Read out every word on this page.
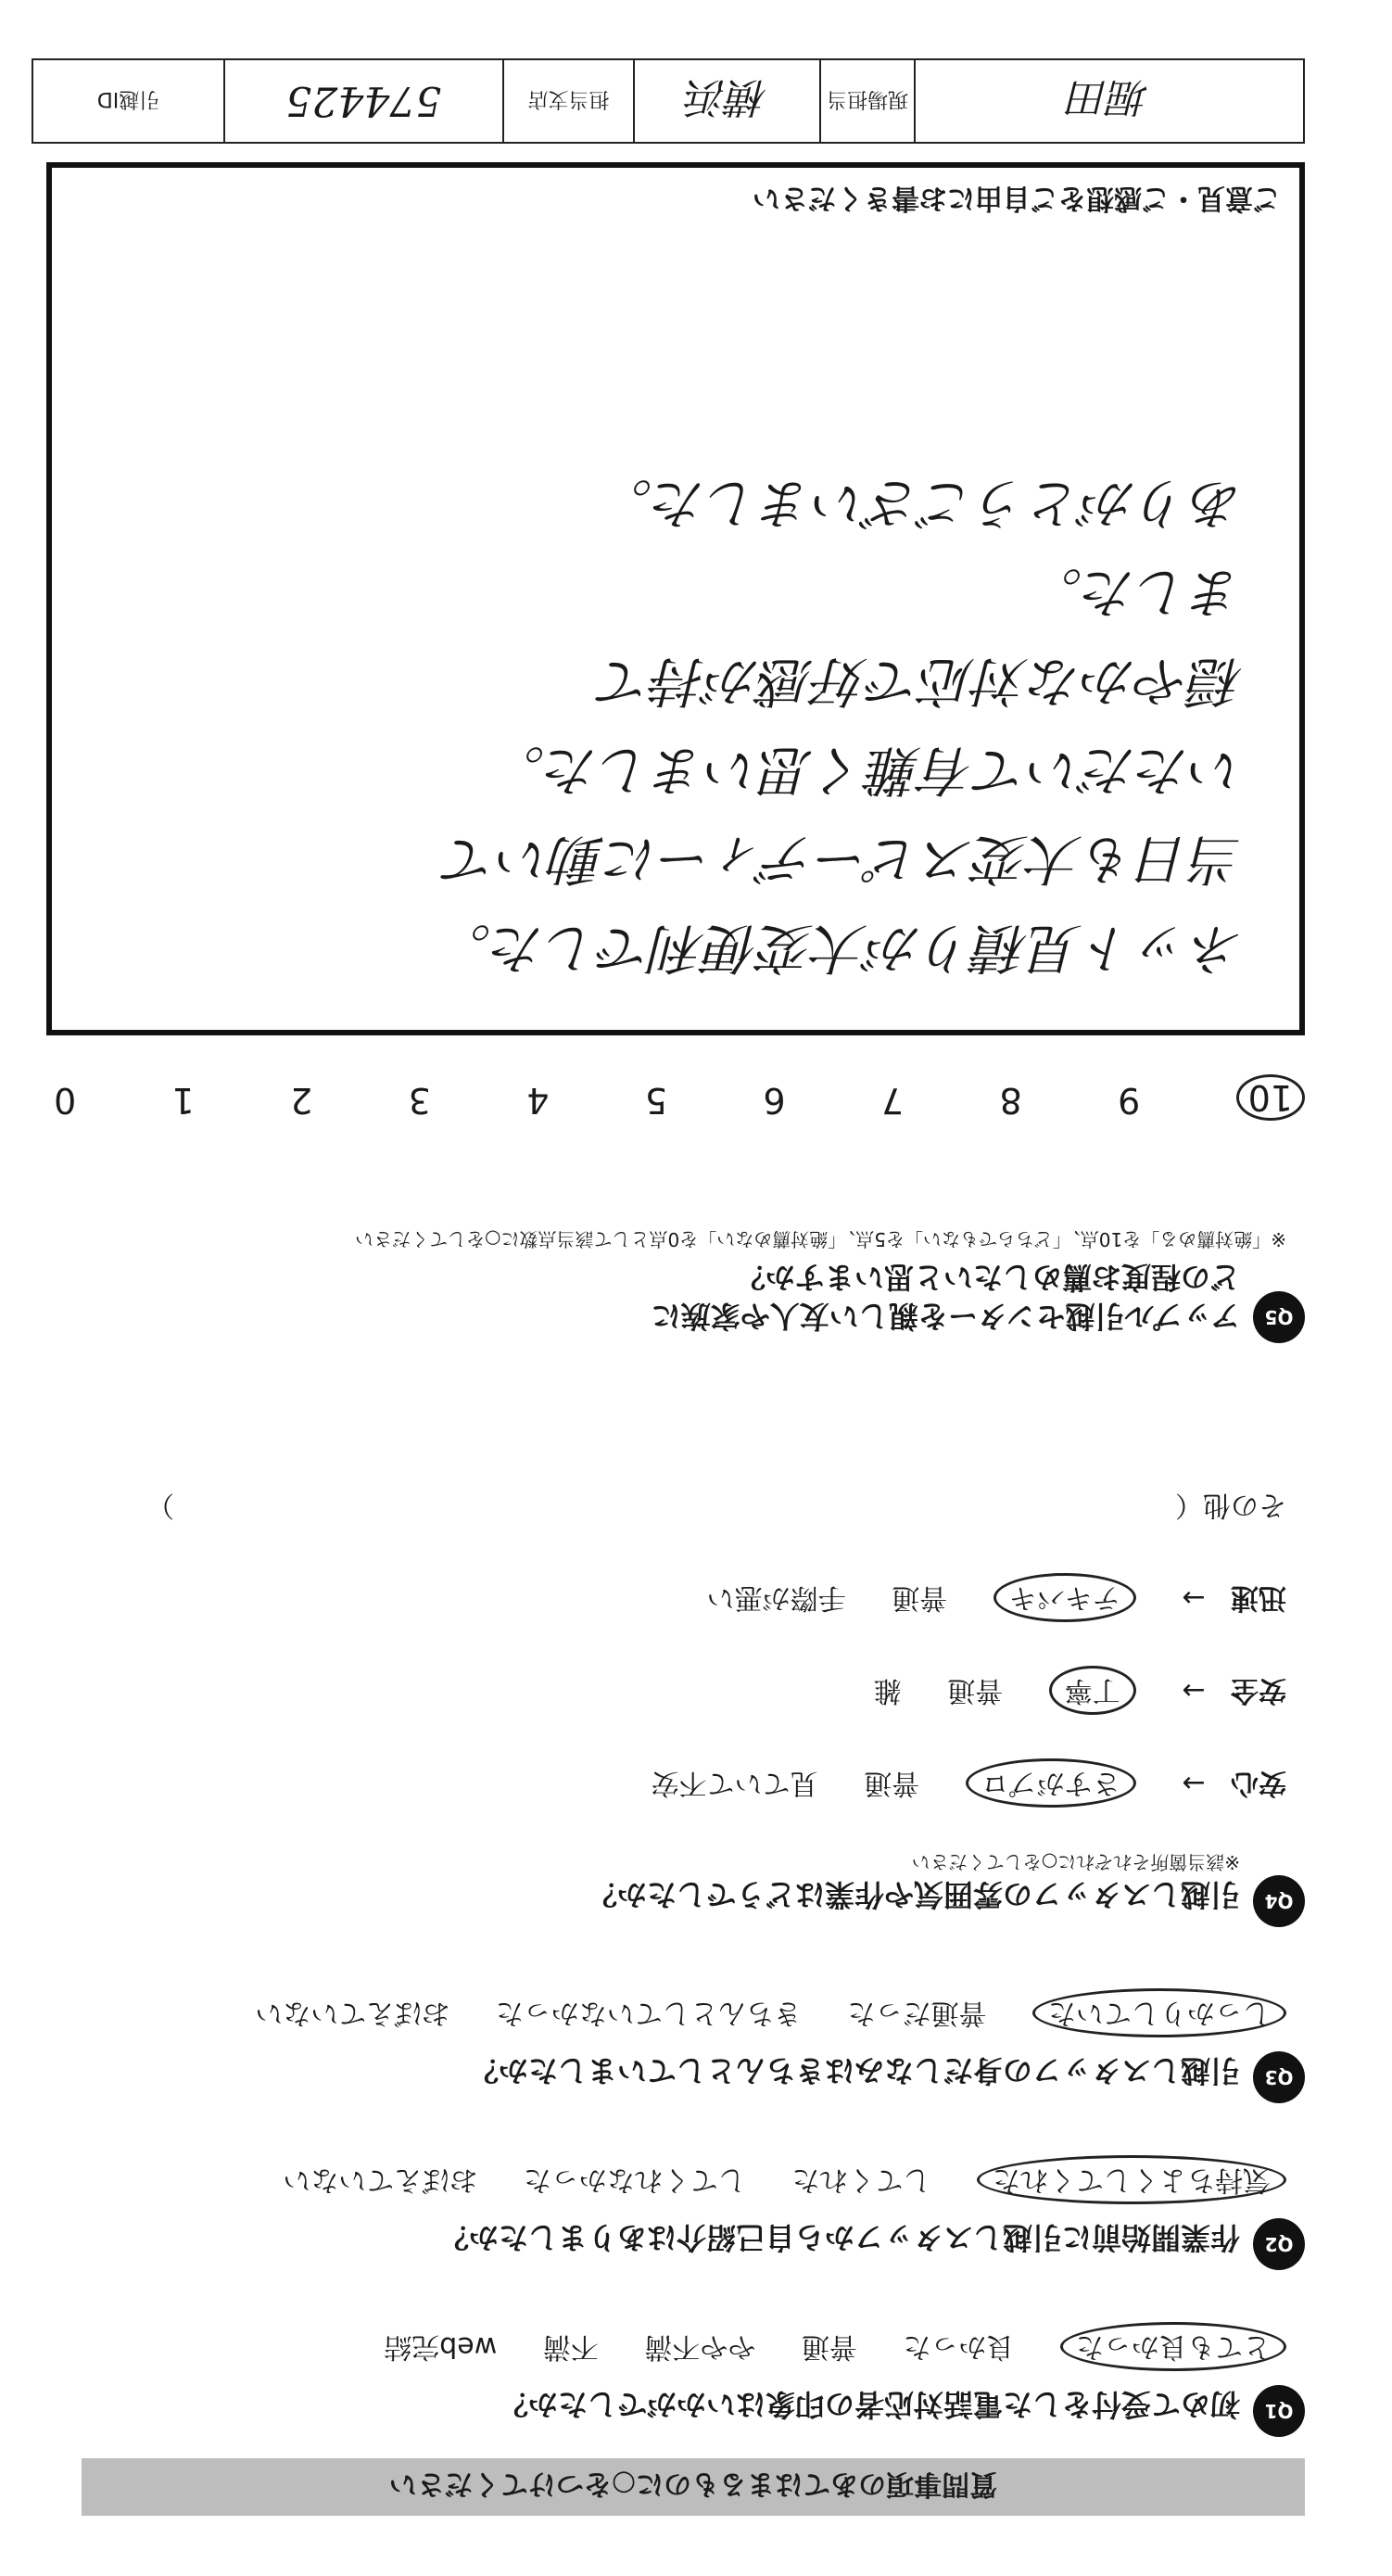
質問事項のあてはまるものに○をつけてください
Q1
初めて受付をした電話対応者の印象はいかがでしたか？
とても良かった 良かった 普通 やや不満 不満 web完結
Q2
作業開始前に引越しスタッフから自己紹介はありましたか？
気持ちよくしてくれた してくれた してくれなかった おぼえていない
Q3
引越しスタッフの身だしなみはきちんとしていましたか？
しっかりしていた 普通だった きちんとしていなかった おぼえていない
Q4
引越しスタッフの雰囲気や作業はどうでしたか？
※該当箇所それぞれに○をしてください
安心 → さすがプロ 普通 見ていて不安
安全 → 丁寧 普通 雑
迅速 → テキパキ 普通 手際が悪い
その他（
）
Q5
アップル引越センターを親しい友人や家族に
どの程度お薦めしたいと思いますか？
※「絶対薦める」を10点、「どちらでもない」を5点、「絶対薦めない」を0点として該当点数に○をしてください
10
9
8
7
6
5
4
3
2
1
0
ネット見積りが大変便利でした。
当日も大変スピーディーに動いて
いただいて有難く思いました。
穏やかな対応で好感が持て
ました。
ありがとうございました。
ご意見・ご感想をご自由にお書きください
堀田
現場担当
横浜
担当支店
574425
引越ID
